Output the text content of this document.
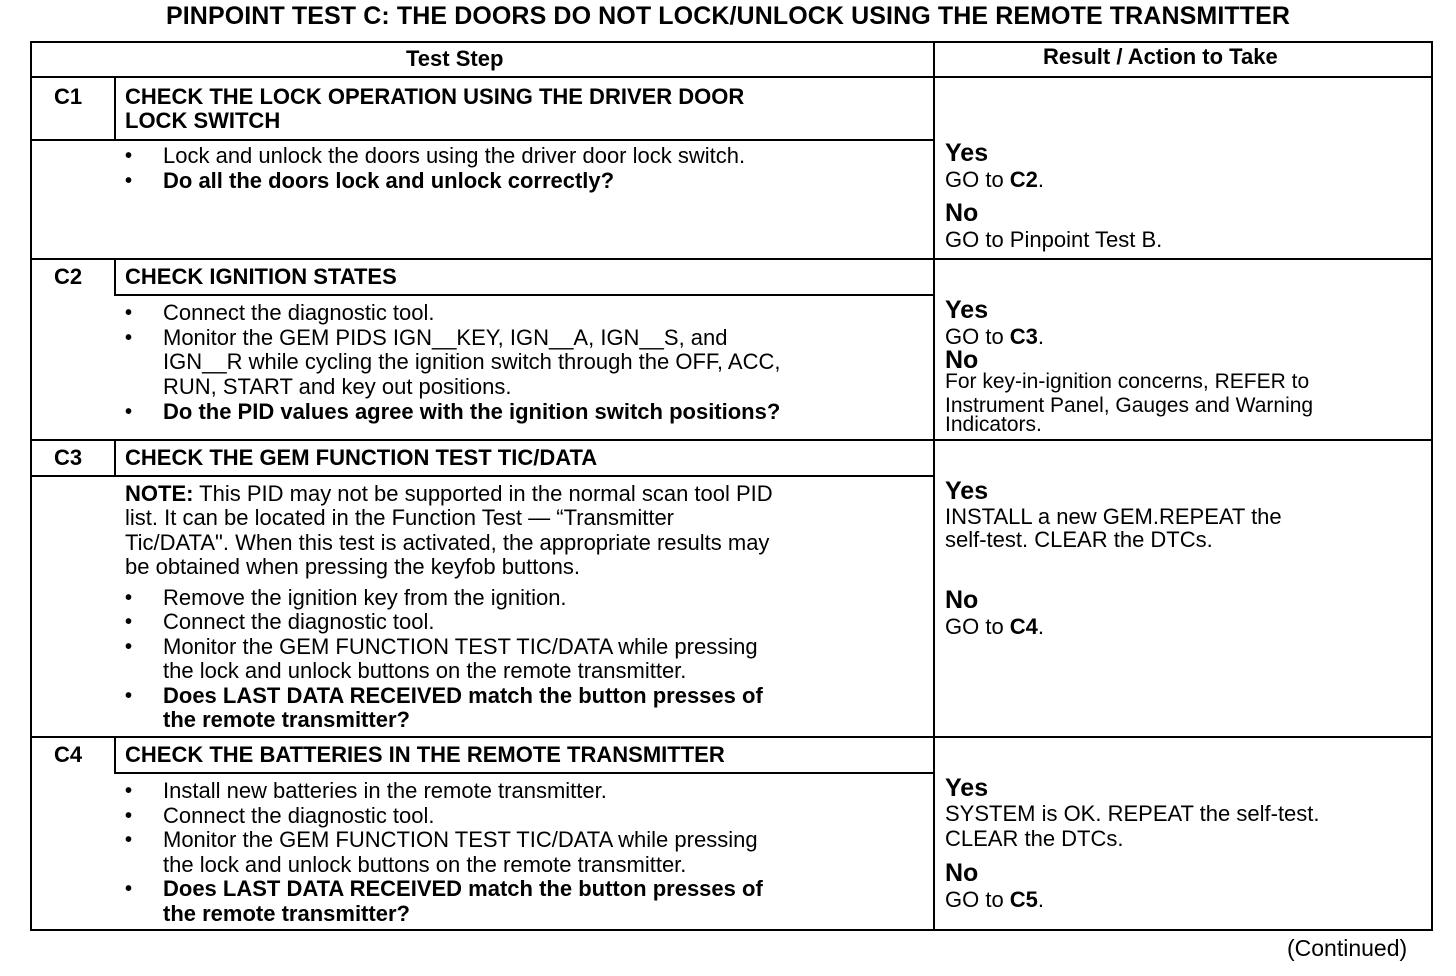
PINPOINT TEST C: THE DOORS DO NOT LOCK/UNLOCK USING THE REMOTE TRANSMITTER
Test Step	Result / Action to Take
C1 CHECK THE LOCK OPERATION USING THE DRIVER DOOR
LOCK SWITCH
• Lock and unlock the doors using the driver door lock switch.
• Do all the doors lock and unlock correctly?
Yes
GO to C2.
No
GO to Pinpoint Test B.
C2 CHECK IGNITION STATES
• Connect the diagnostic tool.
• Monitor the GEM PIDS IGN__KEY, IGN__A, IGN__S, and
IGN__R while cycling the ignition switch through the OFF, ACC,
RUN, START and key out positions.
• Do the PID values agree with the ignition switch positions?
Yes
GO to C3.
No
For key-in-ignition concerns, REFER to
Instrument Panel, Gauges and Warning
Indicators.
C3 CHECK THE GEM FUNCTION TEST TIC/DATA
NOTE: This PID may not be supported in the normal scan tool PID
list. It can be located in the Function Test — “Transmitter
Tic/DATA". When this test is activated, the appropriate results may
be obtained when pressing the keyfob buttons.
• Remove the ignition key from the ignition.
• Connect the diagnostic tool.
• Monitor the GEM FUNCTION TEST TIC/DATA while pressing
the lock and unlock buttons on the remote transmitter.
• Does LAST DATA RECEIVED match the button presses of
the remote transmitter?
Yes
INSTALL a new GEM.REPEAT the
self-test. CLEAR the DTCs.
No
GO to C4.
C4 CHECK THE BATTERIES IN THE REMOTE TRANSMITTER
• Install new batteries in the remote transmitter.
• Connect the diagnostic tool.
• Monitor the GEM FUNCTION TEST TIC/DATA while pressing
the lock and unlock buttons on the remote transmitter.
• Does LAST DATA RECEIVED match the button presses of
the remote transmitter?
Yes
SYSTEM is OK. REPEAT the self-test.
CLEAR the DTCs.
No
GO to C5.
(Continued)
